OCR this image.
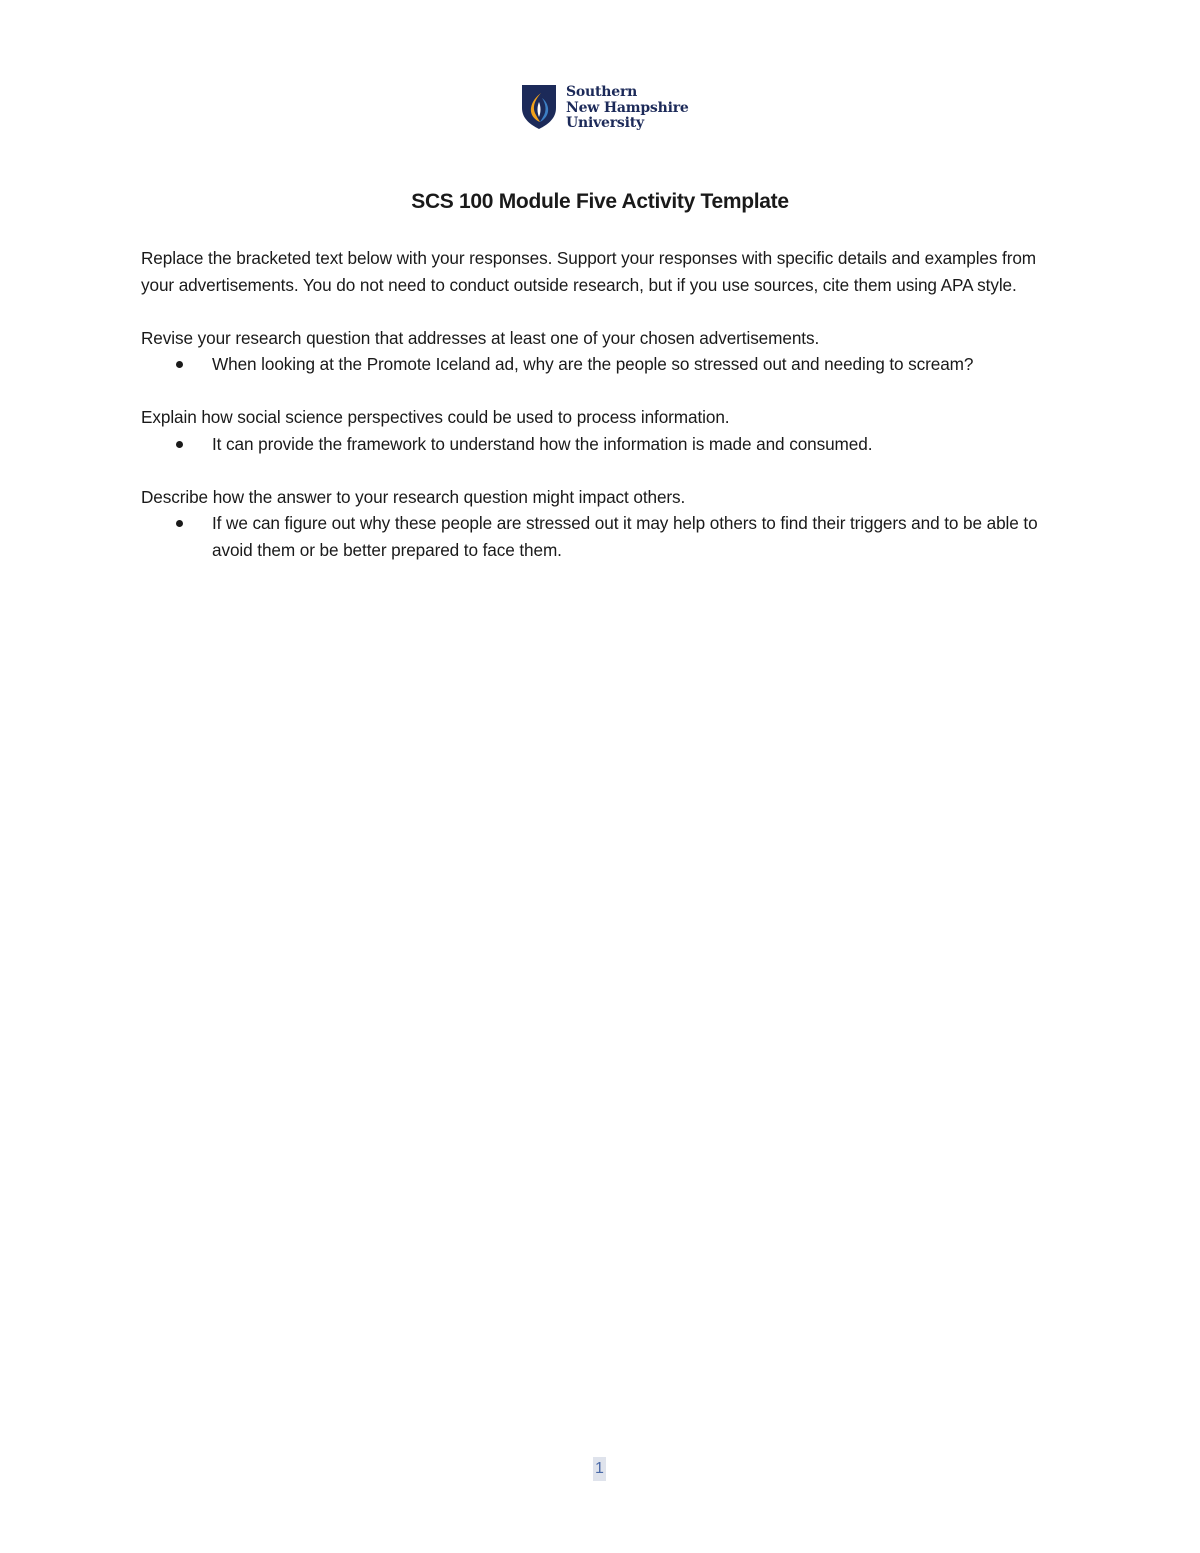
Southern
New Hampshire
University
SCS 100 Module Five Activity Template

Replace the bracketed text below with your responses. Support your responses with specific details and examples from your advertisements. You do not need to conduct outside research, but if you use sources, cite them using APA style.

Revise your research question that addresses at least one of your chosen advertisements.

When looking at the Promote Iceland ad, why are the people so stressed out and needing to scream?

Explain how social science perspectives could be used to process information.

It can provide the framework to understand how the information is made and consumed.

Describe how the answer to your research question might impact others.

If we can figure out why these people are stressed out it may help others to find their triggers and to be able to avoid them or be better prepared to face them.
1
